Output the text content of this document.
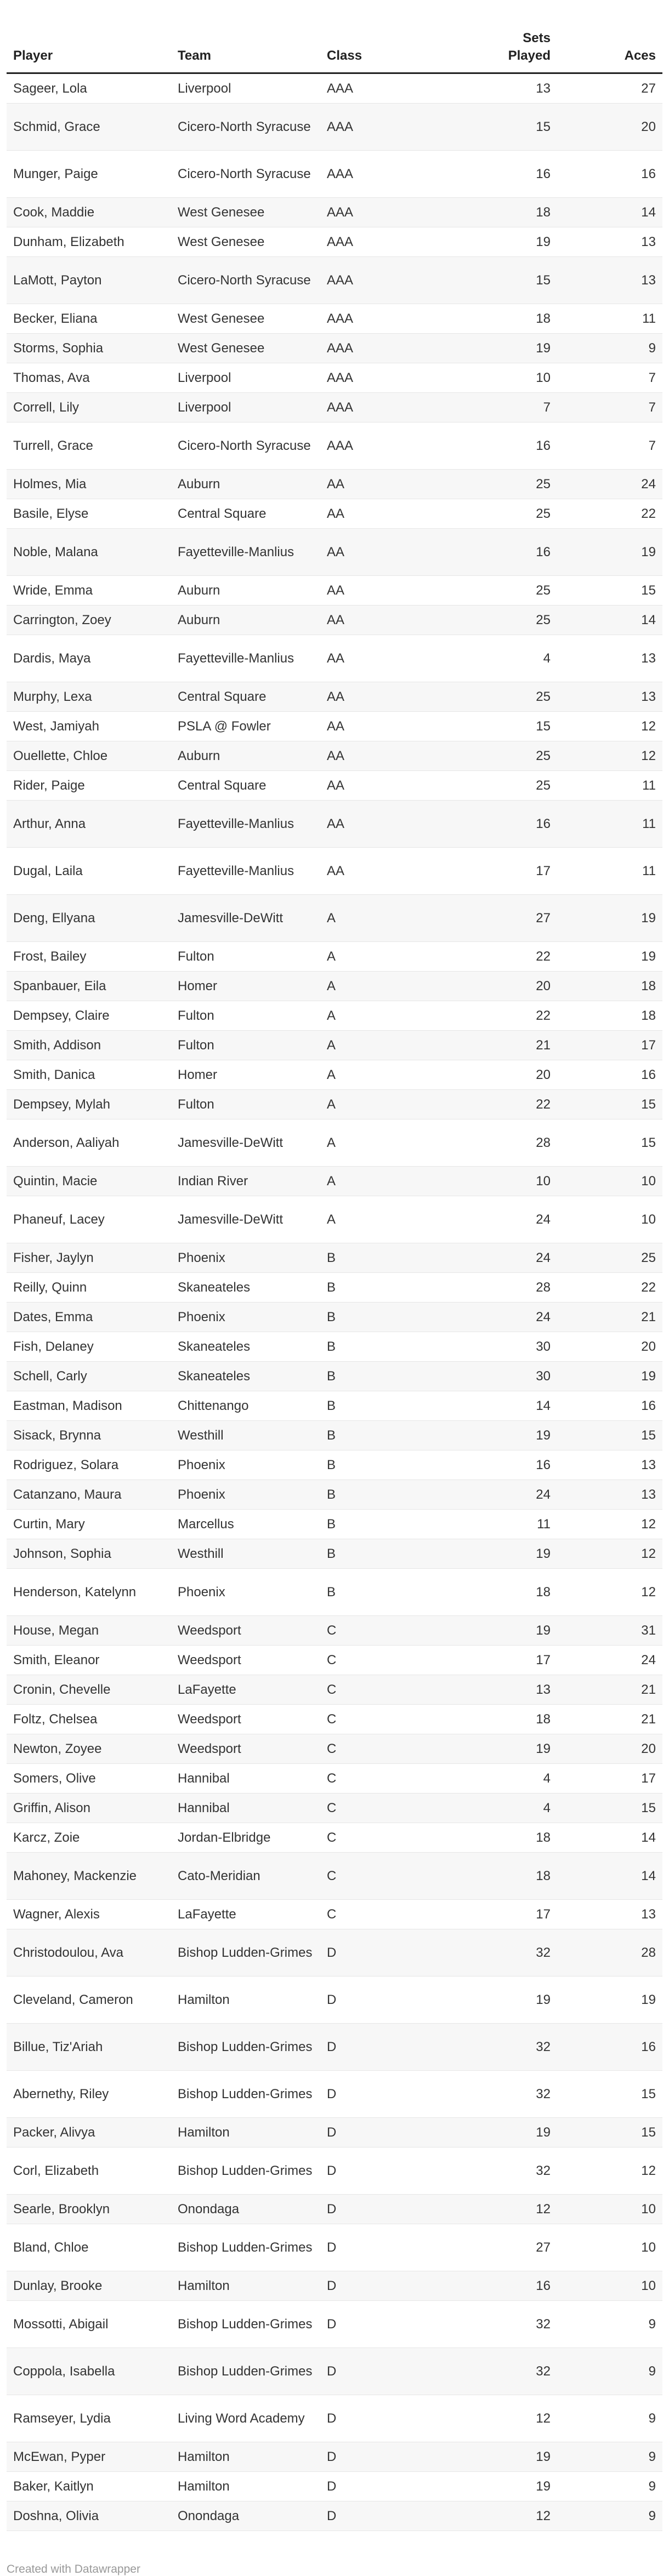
Player	Team	Class	Sets Played	Aces
Sageer, Lola	Liverpool	AAA	13	27
Schmid, Grace	Cicero-North Syracuse	AAA	15	20
Munger, Paige	Cicero-North Syracuse	AAA	16	16
Cook, Maddie	West Genesee	AAA	18	14
Dunham, Elizabeth	West Genesee	AAA	19	13
LaMott, Payton	Cicero-North Syracuse	AAA	15	13
Becker, Eliana	West Genesee	AAA	18	11
Storms, Sophia	West Genesee	AAA	19	9
Thomas, Ava	Liverpool	AAA	10	7
Correll, Lily	Liverpool	AAA	7	7
Turrell, Grace	Cicero-North Syracuse	AAA	16	7
Holmes, Mia	Auburn	AA	25	24
Basile, Elyse	Central Square	AA	25	22
Noble, Malana	Fayetteville-Manlius	AA	16	19
Wride, Emma	Auburn	AA	25	15
Carrington, Zoey	Auburn	AA	25	14
Dardis, Maya	Fayetteville-Manlius	AA	4	13
Murphy, Lexa	Central Square	AA	25	13
West, Jamiyah	PSLA @ Fowler	AA	15	12
Ouellette, Chloe	Auburn	AA	25	12
Rider, Paige	Central Square	AA	25	11
Arthur, Anna	Fayetteville-Manlius	AA	16	11
Dugal, Laila	Fayetteville-Manlius	AA	17	11
Deng, Ellyana	Jamesville-DeWitt	A	27	19
Frost, Bailey	Fulton	A	22	19
Spanbauer, Eila	Homer	A	20	18
Dempsey, Claire	Fulton	A	22	18
Smith, Addison	Fulton	A	21	17
Smith, Danica	Homer	A	20	16
Dempsey, Mylah	Fulton	A	22	15
Anderson, Aaliyah	Jamesville-DeWitt	A	28	15
Quintin, Macie	Indian River	A	10	10
Phaneuf, Lacey	Jamesville-DeWitt	A	24	10
Fisher, Jaylyn	Phoenix	B	24	25
Reilly, Quinn	Skaneateles	B	28	22
Dates, Emma	Phoenix	B	24	21
Fish, Delaney	Skaneateles	B	30	20
Schell, Carly	Skaneateles	B	30	19
Eastman, Madison	Chittenango	B	14	16
Sisack, Brynna	Westhill	B	19	15
Rodriguez, Solara	Phoenix	B	16	13
Catanzano, Maura	Phoenix	B	24	13
Curtin, Mary	Marcellus	B	11	12
Johnson, Sophia	Westhill	B	19	12
Henderson, Katelynn	Phoenix	B	18	12
House, Megan	Weedsport	C	19	31
Smith, Eleanor	Weedsport	C	17	24
Cronin, Chevelle	LaFayette	C	13	21
Foltz, Chelsea	Weedsport	C	18	21
Newton, Zoyee	Weedsport	C	19	20
Somers, Olive	Hannibal	C	4	17
Griffin, Alison	Hannibal	C	4	15
Karcz, Zoie	Jordan-Elbridge	C	18	14
Mahoney, Mackenzie	Cato-Meridian	C	18	14
Wagner, Alexis	LaFayette	C	17	13
Christodoulou, Ava	Bishop Ludden-Grimes	D	32	28
Cleveland, Cameron	Hamilton	D	19	19
Billue, Tiz'Ariah	Bishop Ludden-Grimes	D	32	16
Abernethy, Riley	Bishop Ludden-Grimes	D	32	15
Packer, Alivya	Hamilton	D	19	15
Corl, Elizabeth	Bishop Ludden-Grimes	D	32	12
Searle, Brooklyn	Onondaga	D	12	10
Bland, Chloe	Bishop Ludden-Grimes	D	27	10
Dunlay, Brooke	Hamilton	D	16	10
Mossotti, Abigail	Bishop Ludden-Grimes	D	32	9
Coppola, Isabella	Bishop Ludden-Grimes	D	32	9
Ramseyer, Lydia	Living Word Academy	D	12	9
McEwan, Pyper	Hamilton	D	19	9
Baker, Kaitlyn	Hamilton	D	19	9
Doshna, Olivia	Onondaga	D	12	9
Created with Datawrapper
